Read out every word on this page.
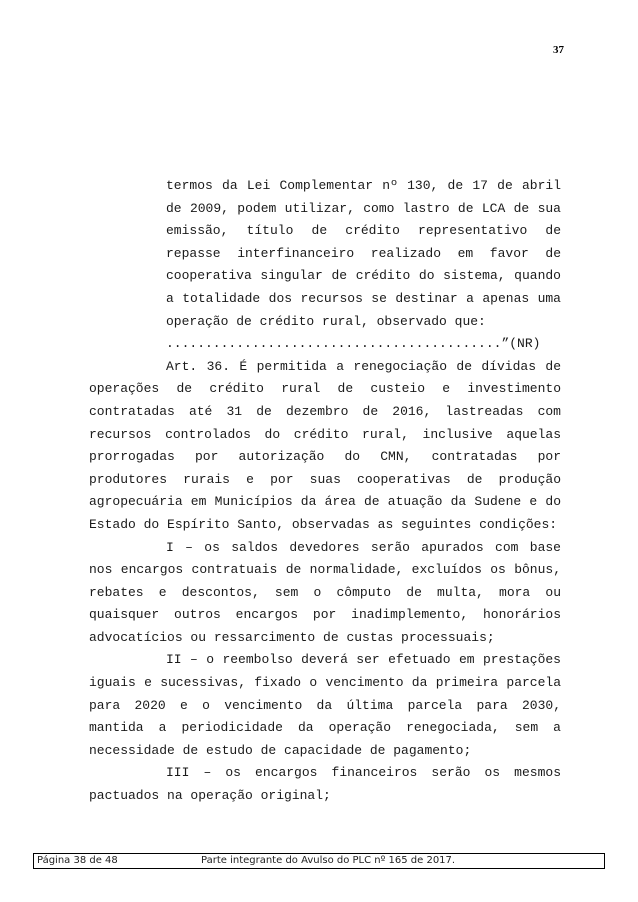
37

termos da Lei Complementar nº 130, de 17 de abril de 2009, podem utilizar, como lastro de LCA de sua emissão, título de crédito representativo de repasse interfinanceiro realizado em favor de cooperativa singular de crédito do sistema, quando a totalidade dos recursos se destinar a apenas uma operação de crédito rural, observado que:

...........................................”(NR)

Art. 36. É permitida a renegociação de dívidas de operações de crédito rural de custeio e investimento contratadas até 31 de dezembro de 2016, lastreadas com recursos controlados do crédito rural, inclusive aquelas prorrogadas por autorização do CMN, contratadas por produtores rurais e por suas cooperativas de produção agropecuária em Municípios da área de atuação da Sudene e do Estado do Espírito Santo, observadas as seguintes condições:

I – os saldos devedores serão apurados com base nos encargos contratuais de normalidade, excluídos os bônus, rebates e descontos, sem o cômputo de multa, mora ou quaisquer outros encargos por inadimplemento, honorários advocatícios ou ressarcimento de custas processuais;

II – o reembolso deverá ser efetuado em prestações iguais e sucessivas, fixado o vencimento da primeira parcela para 2020 e o vencimento da última parcela para 2030, mantida a periodicidade da operação renegociada, sem a necessidade de estudo de capacidade de pagamento;

III – os encargos financeiros serão os mesmos pactuados na operação original;

Página 38 de 48	Parte integrante do Avulso do PLC nº 165 de 2017.
